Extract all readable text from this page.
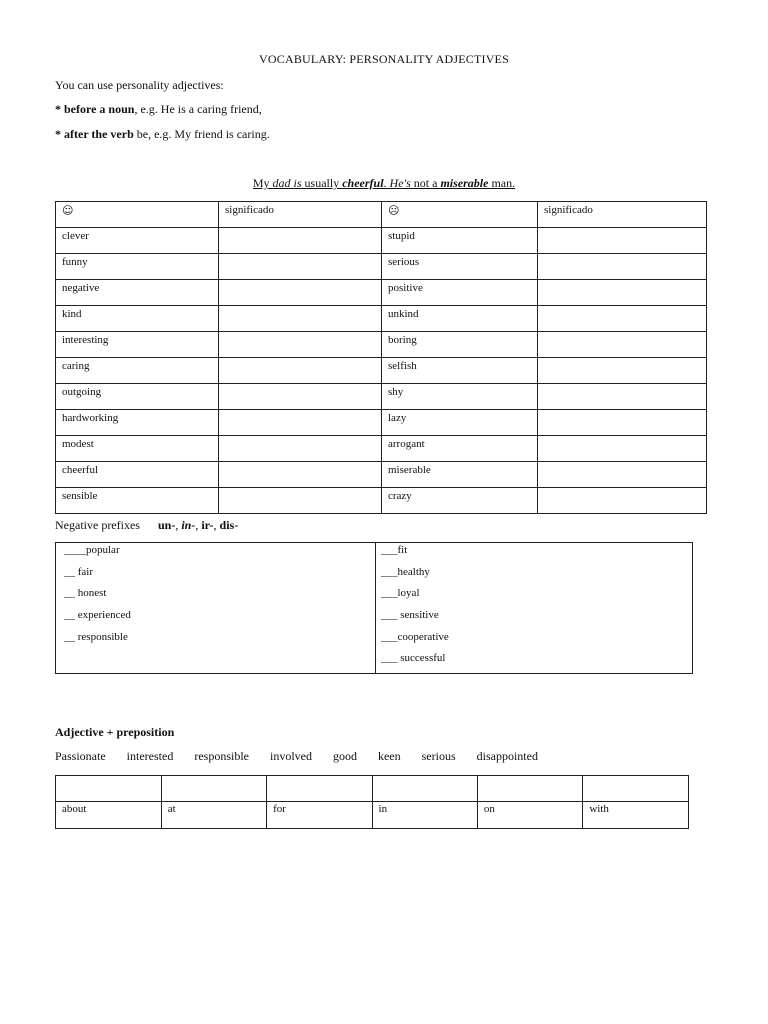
VOCABULARY: PERSONALITY ADJECTIVES
You can use personality adjectives:
* before a noun, e.g. He is a caring friend,
* after the verb be, e.g. My friend is caring.
My dad is usually cheerful. He's not a miserable man.
☺	significado	☹	significado
clever		stupid	
funny		serious	
negative		positive	
kind		unkind	
interesting		boring	
caring		selfish	
outgoing		shy	
hardworking		lazy	
modest		arrogant	
cheerful		miserable	
sensible		crazy	
Negative prefixes un-, in-, ir-, dis-
____popular
__ fair
__ honest
__ experienced
__ responsible

___fit
___healthy
___loyal
___ sensitive
___cooperative
___ successful
Adjective + preposition
Passionate interested responsible involved good keen serious disappointed

about	at	for	in	on	with
